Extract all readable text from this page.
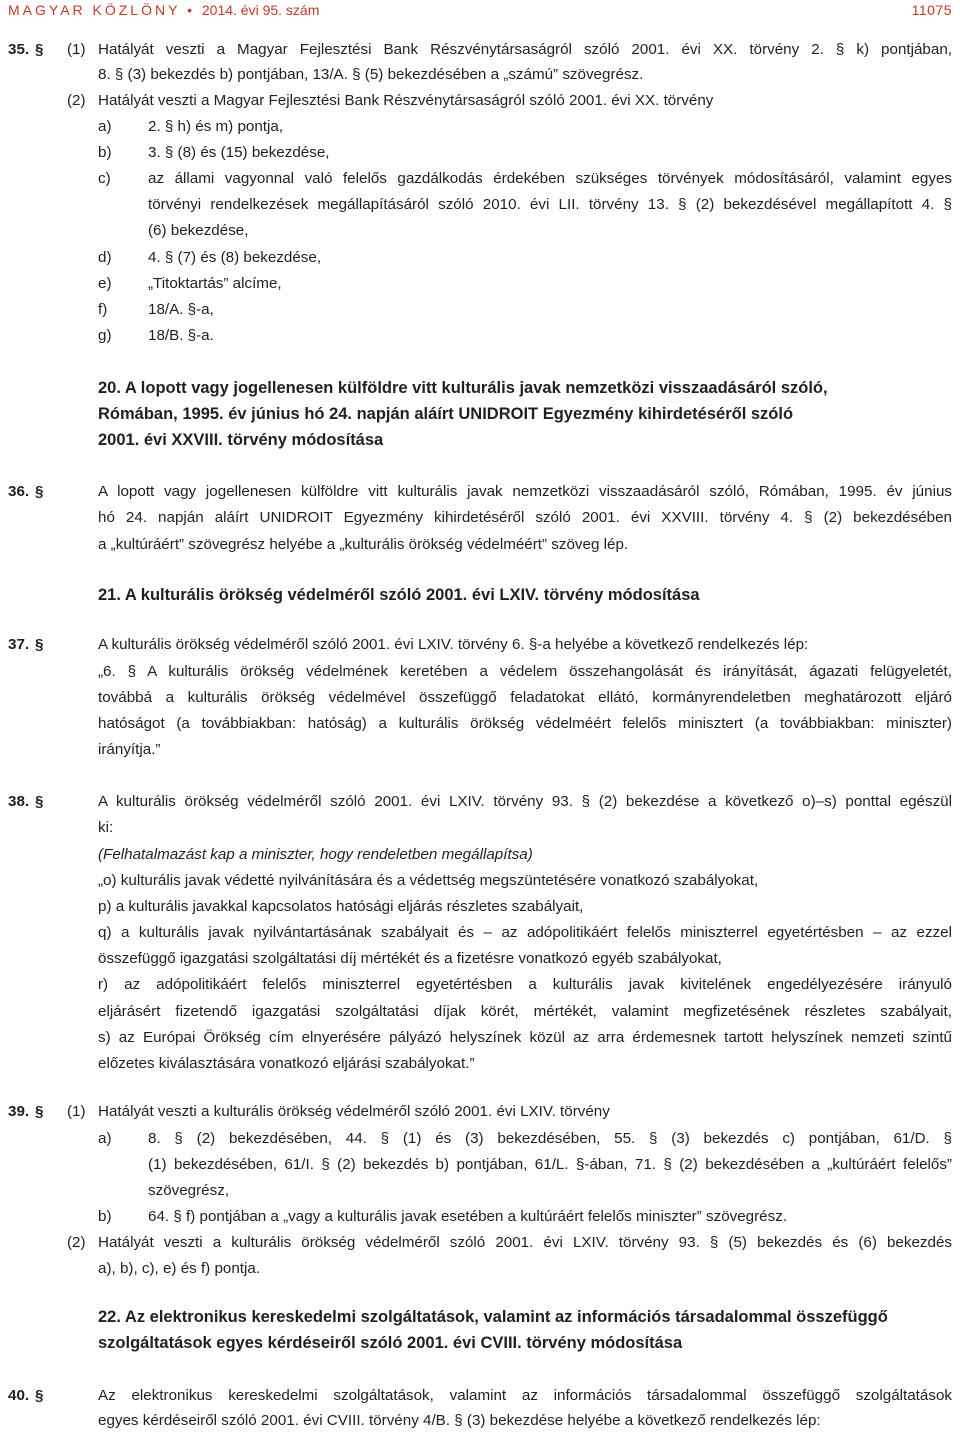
MAGYAR KÖZLÖNY • 2014. évi 95. szám	11075
35. § (1) Hatályát veszti a Magyar Fejlesztési Bank Részvénytársaságról szóló 2001. évi XX. törvény 2. § k) pontjában,
8. § (3) bekezdés b) pontjában, 13/A. § (5) bekezdésében a „számú” szövegrész.
(2) Hatályát veszti a Magyar Fejlesztési Bank Részvénytársaságról szóló 2001. évi XX. törvény
a) 2. § h) és m) pontja,
b) 3. § (8) és (15) bekezdése,
c) az állami vagyonnal való felelős gazdálkodás érdekében szükséges törvények módosításáról, valamint egyes
törvényi rendelkezések megállapításáról szóló 2010. évi LII. törvény 13. § (2) bekezdésével megállapított 4. §
(6) bekezdése,
d) 4. § (7) és (8) bekezdése,
e) „Titoktartás” alcíme,
f)	18/A. §-a,
g) 18/B. §-a.
20. A lopott vagy jogellenesen külföldre vitt kulturális javak nemzetközi visszaadásáról szóló,
Rómában, 1995. év június hó 24. napján aláírt UNIDROIT Egyezmény kihirdetéséről szóló
2001. évi XXVIII. törvény módosítása
36. §	A lopott vagy jogellenesen külföldre vitt kulturális javak nemzetközi visszaadásáról szóló, Rómában, 1995. év június
hó 24. napján aláírt UNIDROIT Egyezmény kihirdetéséről szóló 2001. évi XXVIII. törvény 4. § (2) bekezdésében
a „kultúráért” szövegrész helyébe a „kulturális örökség védelméért” szöveg lép.
21. A kulturális örökség védelméről szóló 2001. évi LXIV. törvény módosítása
37. §	A kulturális örökség védelméről szóló 2001. évi LXIV. törvény 6. §-a helyébe a következő rendelkezés lép:
„6. § A kulturális örökség védelmének keretében a védelem összehangolását és irányítását, ágazati felügyeletét,
továbbá a kulturális örökség védelmével összefüggő feladatokat ellátó, kormányrendeletben meghatározott eljáró
hatóságot (a továbbiakban: hatóság) a kulturális örökség védelméért felelős minisztert (a továbbiakban: miniszter)
irányítja.”
38. §	A kulturális örökség védelméről szóló 2001. évi LXIV. törvény 93. § (2) bekezdése a következő o)–s) ponttal egészül
ki:
(Felhatalmazást kap a miniszter, hogy rendeletben megállapítsa)
„o) kulturális javak védetté nyilvánítására és a védettség megszüntetésére vonatkozó szabályokat,
p) a kulturális javakkal kapcsolatos hatósági eljárás részletes szabályait,
q) a kulturális javak nyilvántartásának szabályait és – az adópolitikáért felelős miniszterrel egyetértésben – az ezzel
összefüggő igazgatási szolgáltatási díj mértékét és a fizetésre vonatkozó egyéb szabályokat,
r) az adópolitikáért felelős miniszterrel egyetértésben a kulturális javak kivitelének engedélyezésére irányuló
eljárásért fizetendő igazgatási szolgáltatási díjak körét, mértékét, valamint megfizetésének részletes szabályait,
s) az Európai Örökség cím elnyerésére pályázó helyszínek közül az arra érdemesnek tartott helyszínek nemzeti szintű
előzetes kiválasztására vonatkozó eljárási szabályokat.”
39. § (1) Hatályát veszti a kulturális örökség védelméről szóló 2001. évi LXIV. törvény
a) 8. § (2) bekezdésében, 44. § (1) és (3) bekezdésében, 55. § (3) bekezdés c) pontjában, 61/D. §
(1) bekezdésében, 61/I. § (2) bekezdés b) pontjában, 61/L. §-ában, 71. § (2) bekezdésében a „kultúráért felelős”
szövegrész,
b) 64. § f) pontjában a „vagy a kulturális javak esetében a kultúráért felelős miniszter” szövegrész.
(2) Hatályát veszti a kulturális örökség védelméről szóló 2001. évi LXIV. törvény 93. § (5) bekezdés és (6) bekezdés
a), b), c), e) és f) pontja.
22. Az elektronikus kereskedelmi szolgáltatások, valamint az információs társadalommal összefüggő
szolgáltatások egyes kérdéseiről szóló 2001. évi CVIII. törvény módosítása
40. §	Az elektronikus kereskedelmi szolgáltatások, valamint az információs társadalommal összefüggő szolgáltatások
egyes kérdéseiről szóló 2001. évi CVIII. törvény 4/B. § (3) bekezdése helyébe a következő rendelkezés lép:
